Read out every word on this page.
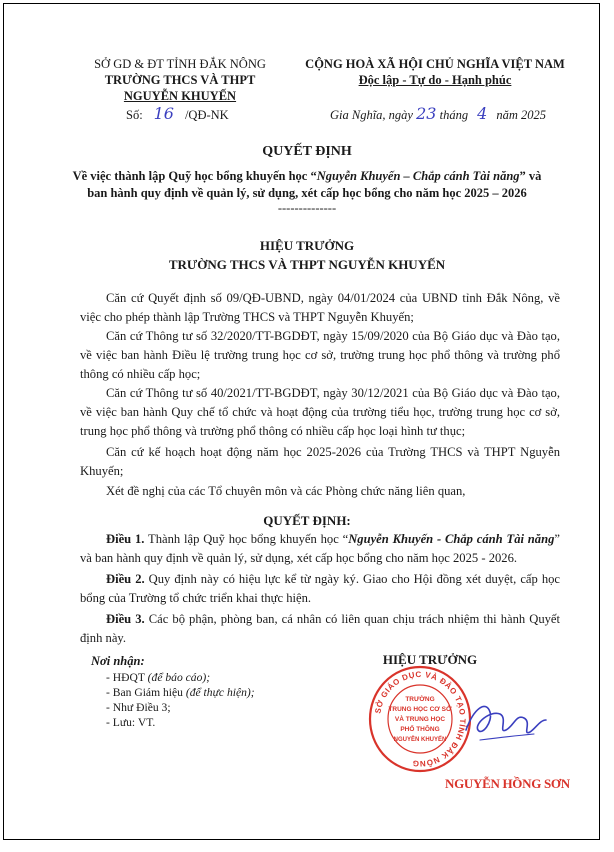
SỞ GD & ĐT TỈNH ĐẮK NÔNG
TRƯỜNG THCS VÀ THPT
NGUYỄN KHUYẾN
Số: 16 /QĐ-NK
CỘNG HOÀ XÃ HỘI CHỦ NGHĨA VIỆT NAM
Độc lập - Tự do - Hạnh phúc
Gia Nghĩa, ngày 23 tháng 4 năm 2025
QUYẾT ĐỊNH
Về việc thành lập Quỹ học bổng khuyến học “Nguyễn Khuyến – Chắp cánh Tài năng” và
ban hành quy định về quản lý, sử dụng, xét cấp học bổng cho năm học 2025 – 2026
--------------
HIỆU TRƯỞNG
TRƯỜNG THCS VÀ THPT NGUYỄN KHUYẾN
Căn cứ Quyết định số 09/QĐ-UBND, ngày 04/01/2024 của UBND tỉnh Đắk Nông, về việc cho phép thành lập Trường THCS và THPT Nguyễn Khuyến;
Căn cứ Thông tư số 32/2020/TT-BGDĐT, ngày 15/09/2020 của Bộ Giáo dục và Đào tạo, về việc ban hành Điều lệ trường trung học cơ sở, trường trung học phổ thông và trường phổ thông có nhiều cấp học;
Căn cứ Thông tư số 40/2021/TT-BGDĐT, ngày 30/12/2021 của Bộ Giáo dục và Đào tạo, về việc ban hành Quy chế tổ chức và hoạt động của trường tiểu học, trường trung học cơ sở, trung học phổ thông và trường phổ thông có nhiều cấp học loại hình tư thục;
Căn cứ kế hoạch hoạt động năm học 2025-2026 của Trường THCS và THPT Nguyễn Khuyến;
Xét đề nghị của các Tổ chuyên môn và các Phòng chức năng liên quan,
QUYẾT ĐỊNH:
Điều 1. Thành lập Quỹ học bổng khuyến học “Nguyễn Khuyến - Chắp cánh Tài năng” và ban hành quy định về quản lý, sử dụng, xét cấp học bổng cho năm học 2025 - 2026.
Điều 2. Quy định này có hiệu lực kể từ ngày ký. Giao cho Hội đồng xét duyệt, cấp học bổng của Trường tổ chức triển khai thực hiện.
Điều 3. Các bộ phận, phòng ban, cá nhân có liên quan chịu trách nhiệm thi hành Quyết định này.
Nơi nhận:
- HĐQT (để báo cáo);
- Ban Giám hiệu (để thực hiện);
- Như Điều 3;
- Lưu: VT.
HIỆU TRƯỞNG
SỞ GIÁO DỤC VÀ ĐÀO TẠO TỈNH ĐẮK NÔNG
TRƯỜNG
TRUNG HỌC CƠ SỞ
VÀ TRUNG HỌC
PHỔ THÔNG
NGUYỄN KHUYẾN
NGUYỄN HỒNG SƠN
